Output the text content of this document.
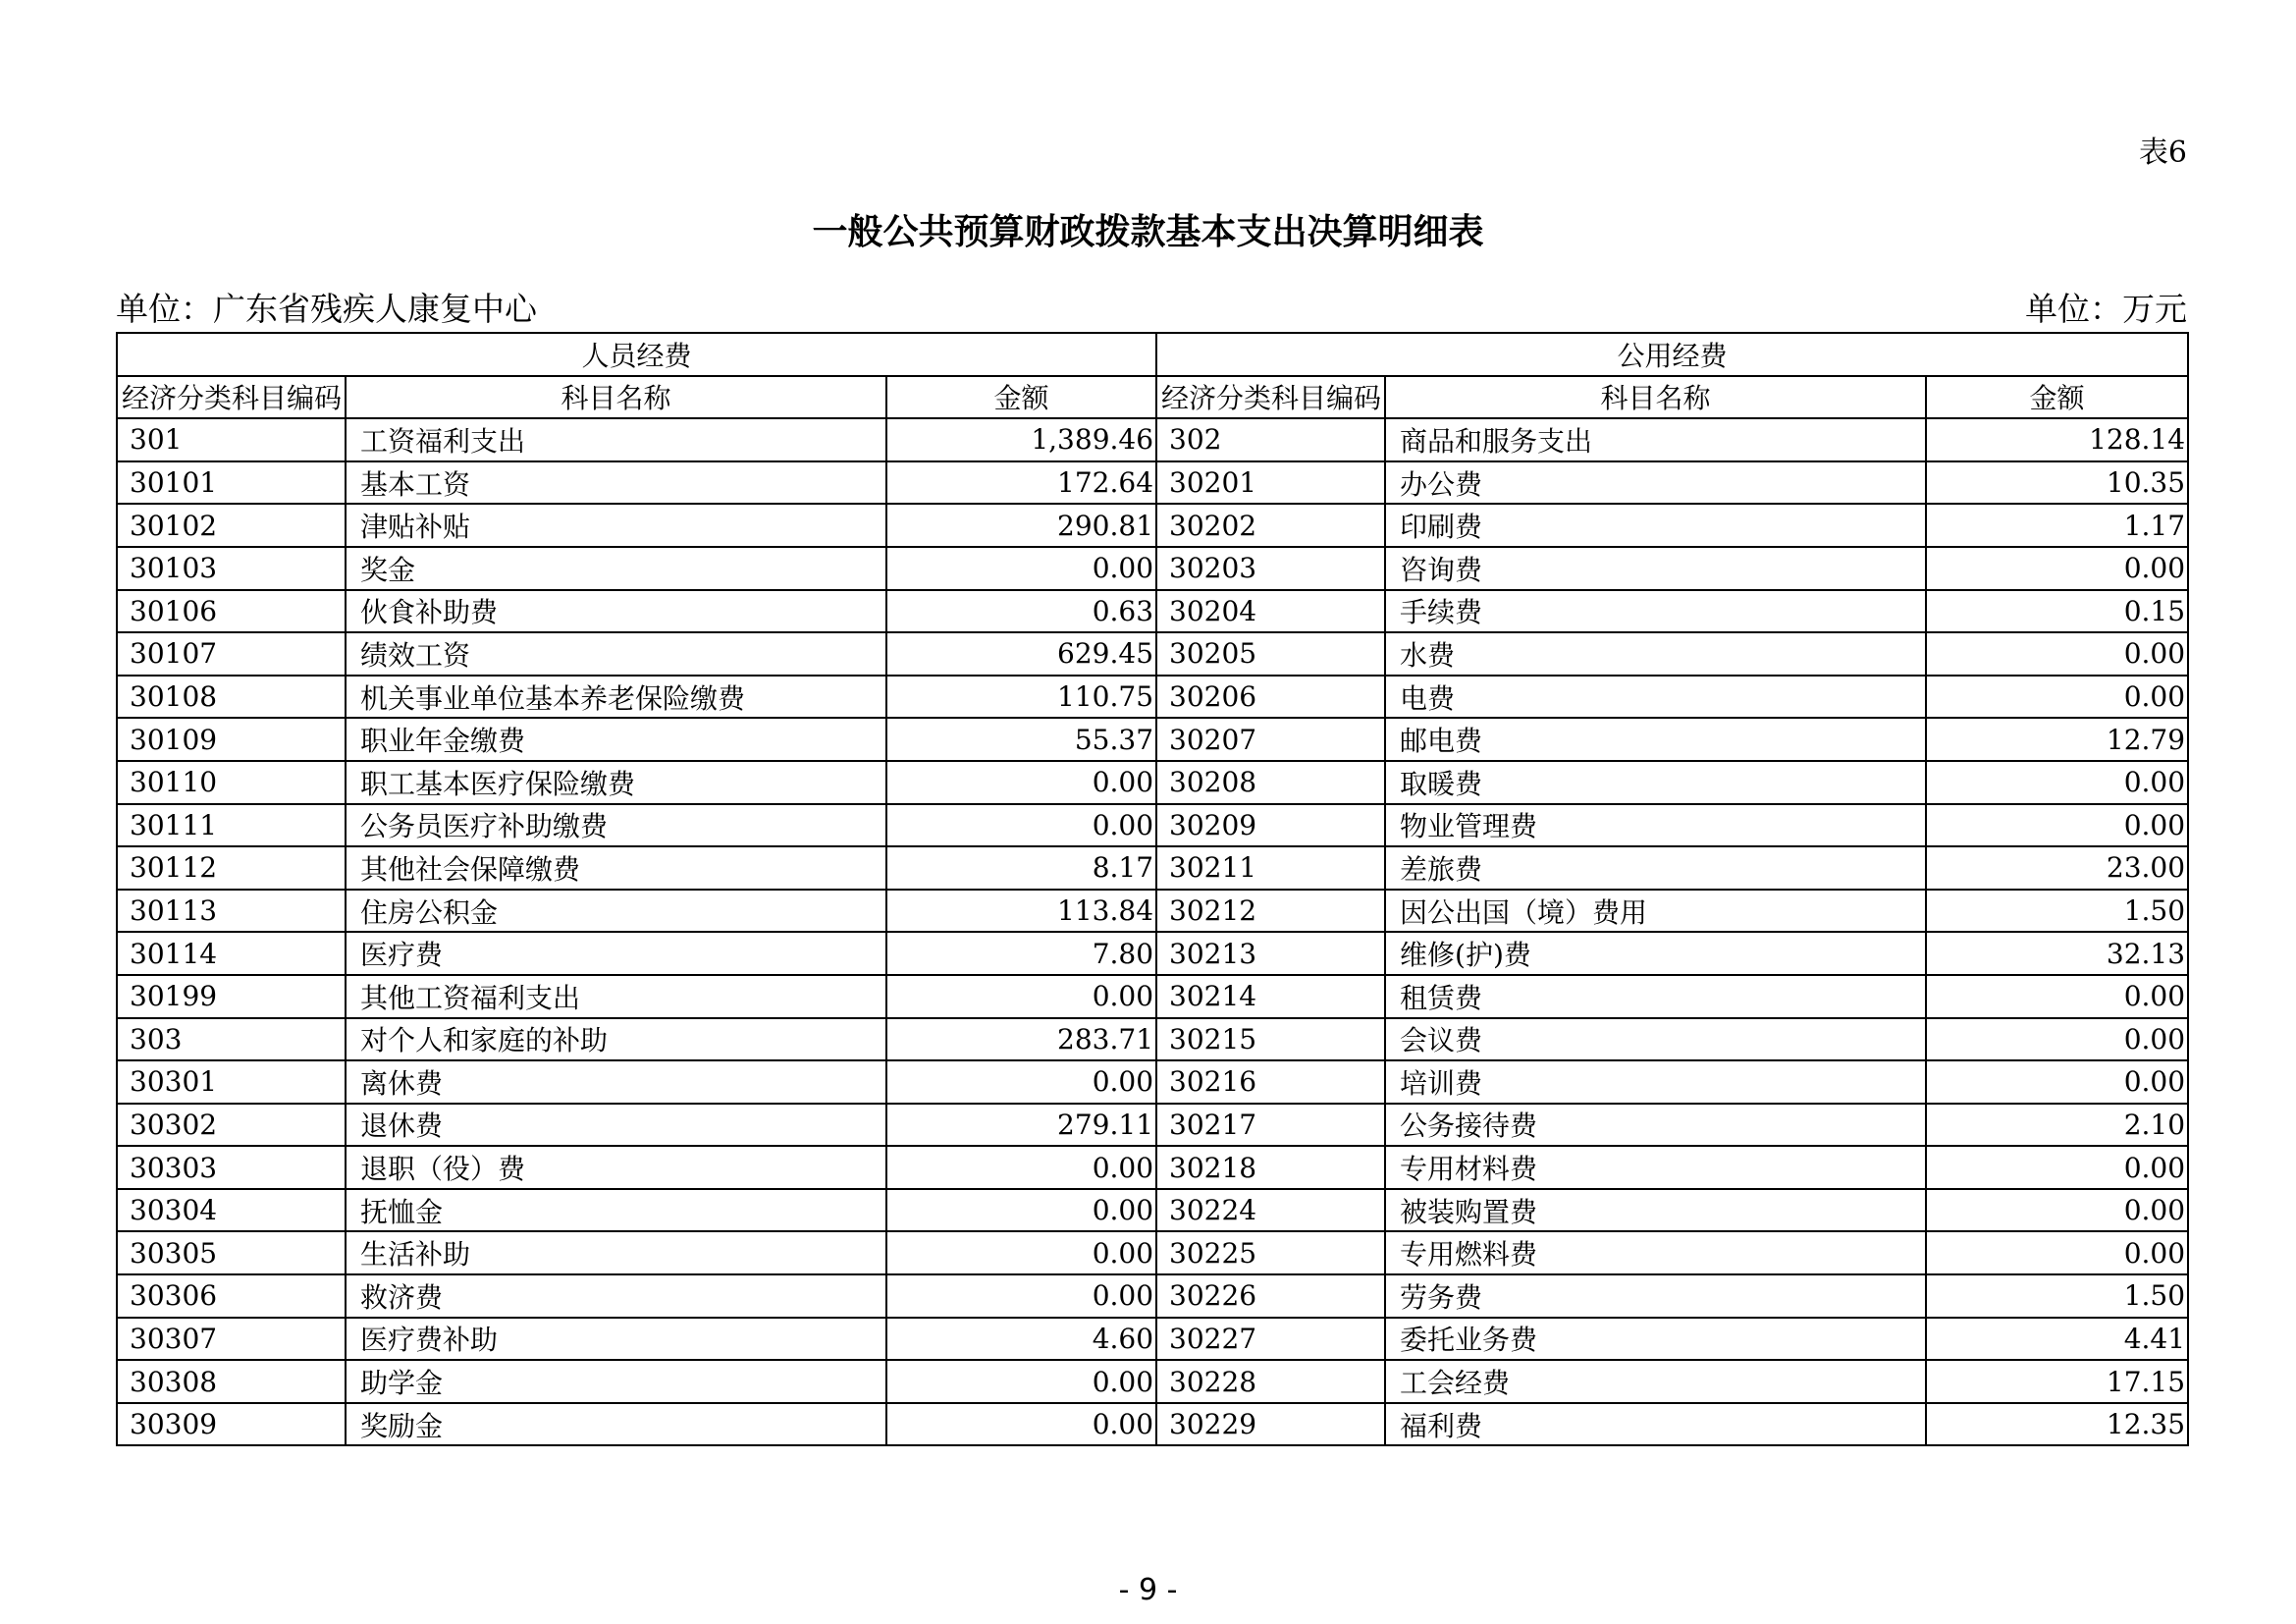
表6
一般公共预算财政拨款基本支出决算明细表
单位：广东省残疾人康复中心	单位：万元
人员经费			公用经费		
经济分类科目编码	科目名称	金额	经济分类科目编码	科目名称	金额
301	工资福利支出	1,389.46	302	商品和服务支出	128.14
30101	基本工资	172.64	30201	办公费	10.35
30102	津贴补贴	290.81	30202	印刷费	1.17
30103	奖金	0.00	30203	咨询费	0.00
30106	伙食补助费	0.63	30204	手续费	0.15
30107	绩效工资	629.45	30205	水费	0.00
30108	机关事业单位基本养老保险缴费	110.75	30206	电费	0.00
30109	职业年金缴费	55.37	30207	邮电费	12.79
30110	职工基本医疗保险缴费	0.00	30208	取暖费	0.00
30111	公务员医疗补助缴费	0.00	30209	物业管理费	0.00
30112	其他社会保障缴费	8.17	30211	差旅费	23.00
30113	住房公积金	113.84	30212	因公出国（境）费用	1.50
30114	医疗费	7.80	30213	维修(护)费	32.13
30199	其他工资福利支出	0.00	30214	租赁费	0.00
303	对个人和家庭的补助	283.71	30215	会议费	0.00
30301	离休费	0.00	30216	培训费	0.00
30302	退休费	279.11	30217	公务接待费	2.10
30303	退职（役）费	0.00	30218	专用材料费	0.00
30304	抚恤金	0.00	30224	被装购置费	0.00
30305	生活补助	0.00	30225	专用燃料费	0.00
30306	救济费	0.00	30226	劳务费	1.50
30307	医疗费补助	4.60	30227	委托业务费	4.41
30308	助学金	0.00	30228	工会经费	17.15
30309	奖励金	0.00	30229	福利费	12.35
- 9 -
